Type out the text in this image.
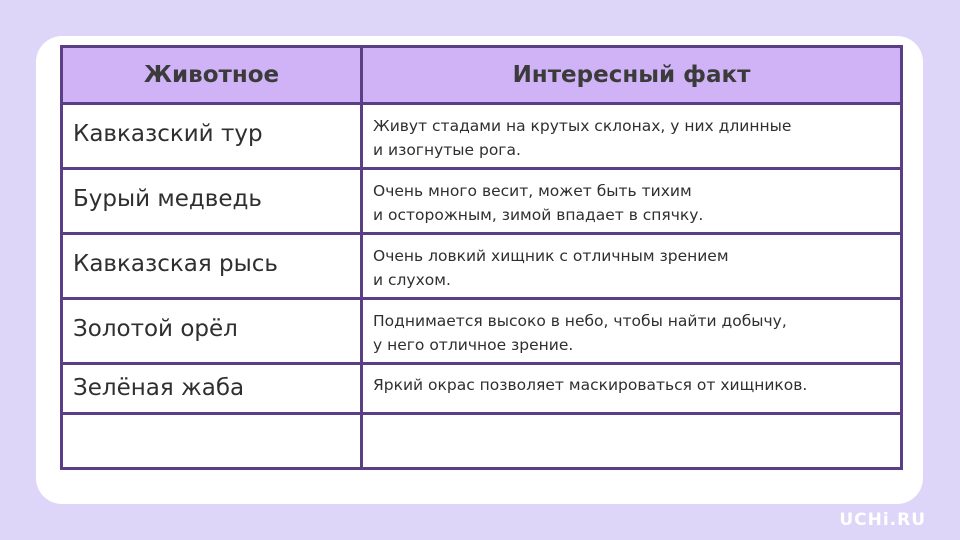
Животное	Интересный факт

Кавказский тур	Живут стадами на крутых склонах, у них длинные
и изогнутые рога.

Бурый медведь	Очень много весит, может быть тихим
и осторожным, зимой впадает в спячку.

Кавказская рысь	Очень ловкий хищник с отличным зрением
и слухом.

Золотой орёл	Поднимается высоко в небо, чтобы найти добычу,
у него отличное зрение.

Зелёная жаба	Яркий окрас позволяет маскироваться от хищников.

UCHi.RU
